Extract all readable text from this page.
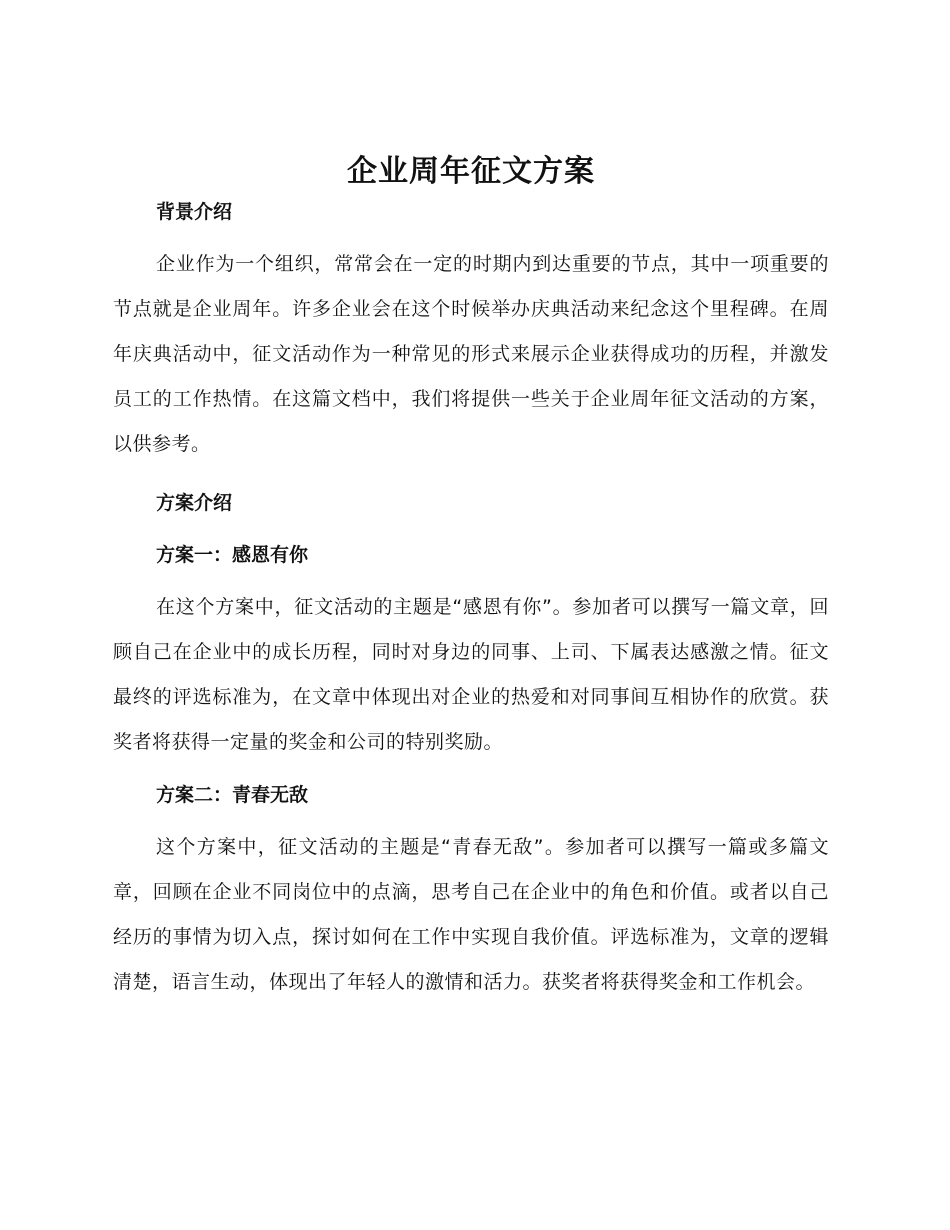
企业周年征文方案

背景介绍

企业作为一个组织，常常会在一定的时期内到达重要的节点，其中一项重要的节点就是企业周年。许多企业会在这个时候举办庆典活动来纪念这个里程碑。在周年庆典活动中，征文活动作为一种常见的形式来展示企业获得成功的历程，并激发员工的工作热情。在这篇文档中，我们将提供一些关于企业周年征文活动的方案，以供参考。

方案介绍

方案一：感恩有你

在这个方案中，征文活动的主题是“感恩有你”。参加者可以撰写一篇文章，回顾自己在企业中的成长历程，同时对身边的同事、上司、下属表达感激之情。征文最终的评选标准为，在文章中体现出对企业的热爱和对同事间互相协作的欣赏。获奖者将获得一定量的奖金和公司的特别奖励。

方案二：青春无敌

这个方案中，征文活动的主题是“青春无敌”。参加者可以撰写一篇或多篇文章，回顾在企业不同岗位中的点滴，思考自己在企业中的角色和价值。或者以自己经历的事情为切入点，探讨如何在工作中实现自我价值。评选标准为，文章的逻辑清楚，语言生动，体现出了年轻人的激情和活力。获奖者将获得奖金和工作机会。
